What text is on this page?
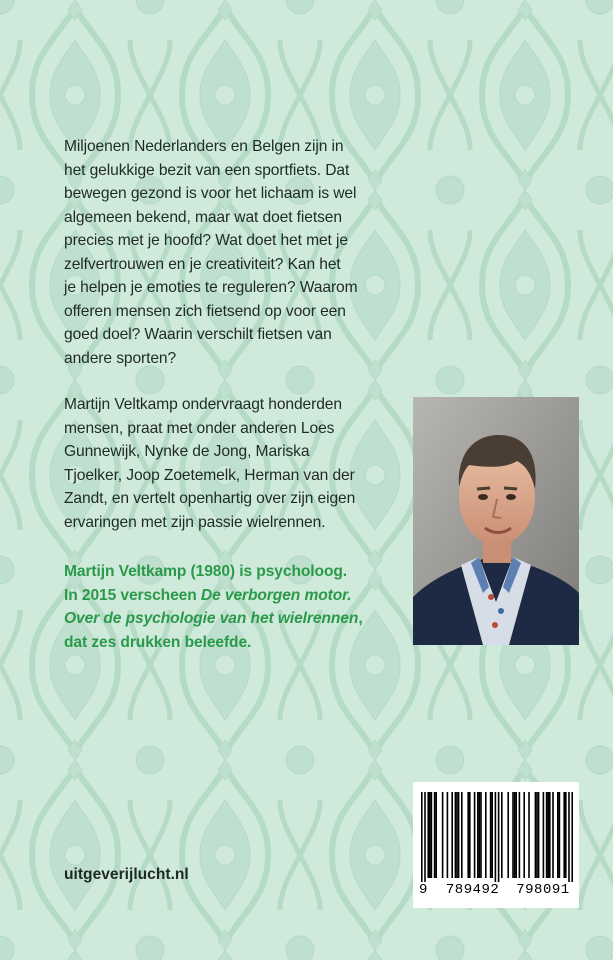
Miljoenen Nederlanders en Belgen zijn in
het gelukkige bezit van een sportfiets. Dat
bewegen gezond is voor het lichaam is wel
algemeen bekend, maar wat doet fietsen
precies met je hoofd? Wat doet het met je
zelfvertrouwen en je creativiteit? Kan het
je helpen je emoties te reguleren? Waarom
offeren mensen zich fietsend op voor een
goed doel? Waarin verschilt fietsen van
andere sporten?
Martijn Veltkamp ondervraagt honderden
mensen, praat met onder anderen Loes
Gunnewijk, Nynke de Jong, Mariska
Tjoelker, Joop Zoetemelk, Herman van der
Zandt, en vertelt openhartig over zijn eigen
ervaringen met zijn passie wielrennen.
Martijn Veltkamp (1980) is psycholoog.
In 2015 verscheen De verborgen motor.
Over de psychologie van het wielrennen,
dat zes drukken beleefde.
uitgeverijlucht.nl
9 789492 798091
